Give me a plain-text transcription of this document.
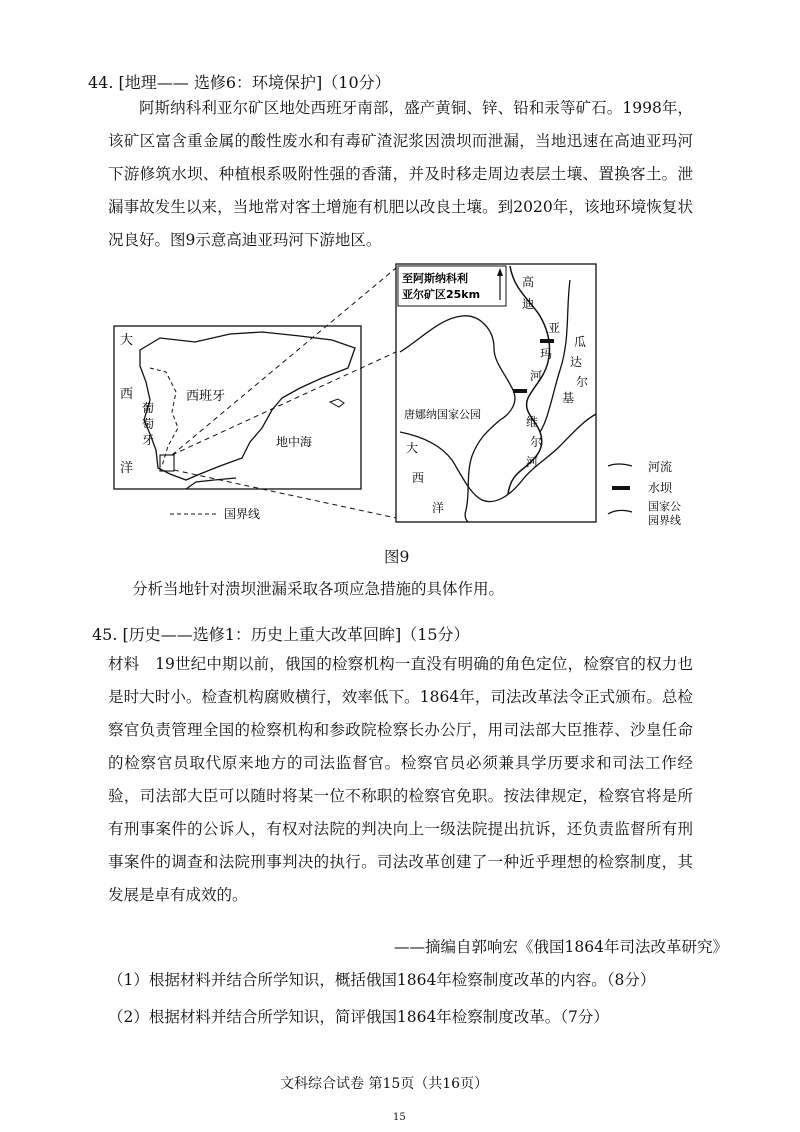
44. [地理—— 选修6：环境保护]（10分）
阿斯纳科利亚尔矿区地处西班牙南部，盛产黄铜、锌、铅和汞等矿石。1998年，该矿区富含重金属的酸性废水和有毒矿渣泥浆因溃坝而泄漏，当地迅速在高迪亚玛河下游修筑水坝、种植根系吸附性强的香蒲，并及时移走周边表层土壤、置换客土。泄漏事故发生以来，当地常对客土增施有机肥以改良土壤。到2020年，该地环境恢复状况良好。图9示意高迪亚玛河下游地区。
大
西
洋
葡
萄
牙
西班牙
地中海
国界线
至阿斯纳科利
亚尔矿区25km
高
迪
亚
玛
河
瓜
达
尔
基
维
尔
河
唐娜纳国家公园
大
西
洋
河流
水坝
国家公
园界线
图9
分析当地针对溃坝泄漏采取各项应急措施的具体作用。
45. [历史——选修1：历史上重大改革回眸]（15分）
材料　19世纪中期以前，俄国的检察机构一直没有明确的角色定位，检察官的权力也是时大时小。检查机构腐败横行，效率低下。1864年，司法改革法令正式颁布。总检察官负责管理全国的检察机构和参政院检察长办公厅，用司法部大臣推荐、沙皇任命的检察官员取代原来地方的司法监督官。检察官员必须兼具学历要求和司法工作经验，司法部大臣可以随时将某一位不称职的检察官免职。按法律规定，检察官将是所有刑事案件的公诉人，有权对法院的判决向上一级法院提出抗诉，还负责监督所有刑事案件的调查和法院刑事判决的执行。司法改革创建了一种近乎理想的检察制度，其发展是卓有成效的。
——摘编自郭响宏《俄国1864年司法改革研究》
（1）根据材料并结合所学知识，概括俄国1864年检察制度改革的内容。（8分）
（2）根据材料并结合所学知识，简评俄国1864年检察制度改革。（7分）
文科综合试卷 第15页（共16页）
15
